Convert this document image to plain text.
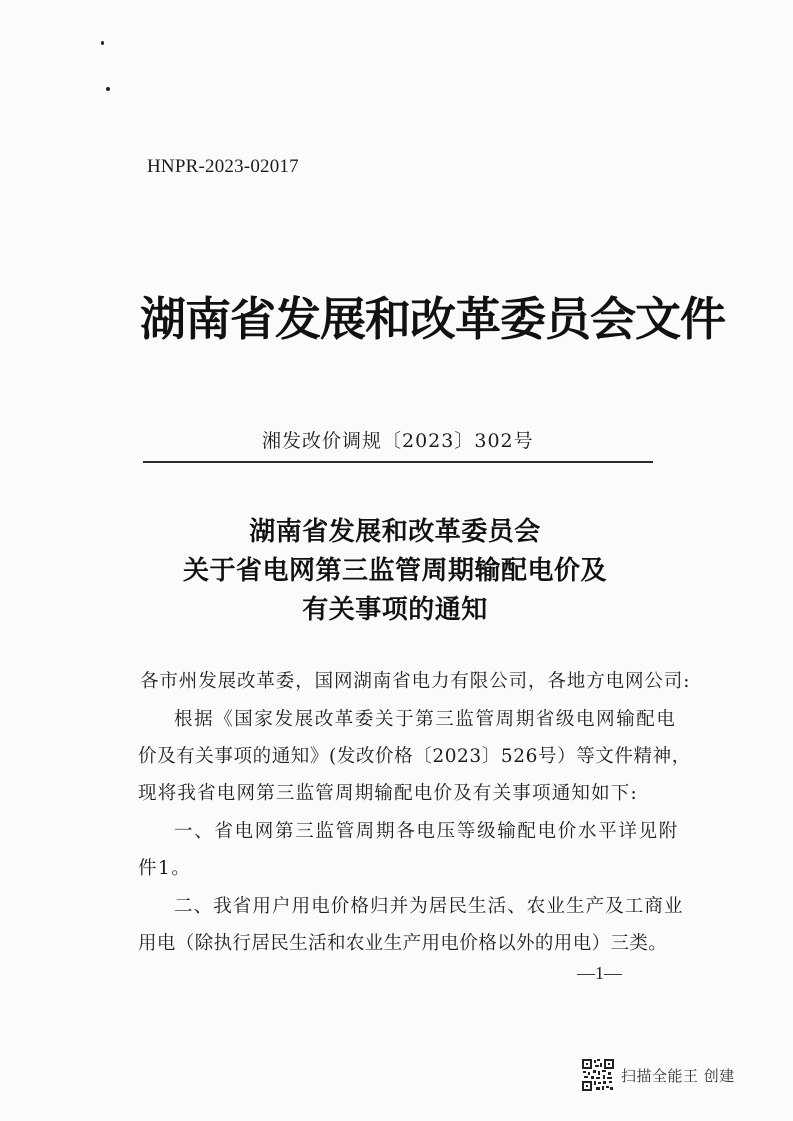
HNPR-2023-02017
湖南省发展和改革委员会文件
湘发改价调规〔2023〕302号
湖南省发展和改革委员会
关于省电网第三监管周期输配电价及
有关事项的通知
各市州发展改革委，国网湖南省电力有限公司，各地方电网公司:
根据《国家发展改革委关于第三监管周期省级电网输配电
价及有关事项的通知》(发改价格〔2023〕526号）等文件精神，
现将我省电网第三监管周期输配电价及有关事项通知如下:
一、省电网第三监管周期各电压等级输配电价水平详见附
件1。
二、我省用户用电价格归并为居民生活、农业生产及工商业
用电（除执行居民生活和农业生产用电价格以外的用电）三类。
—1—
扫描全能王 创建
